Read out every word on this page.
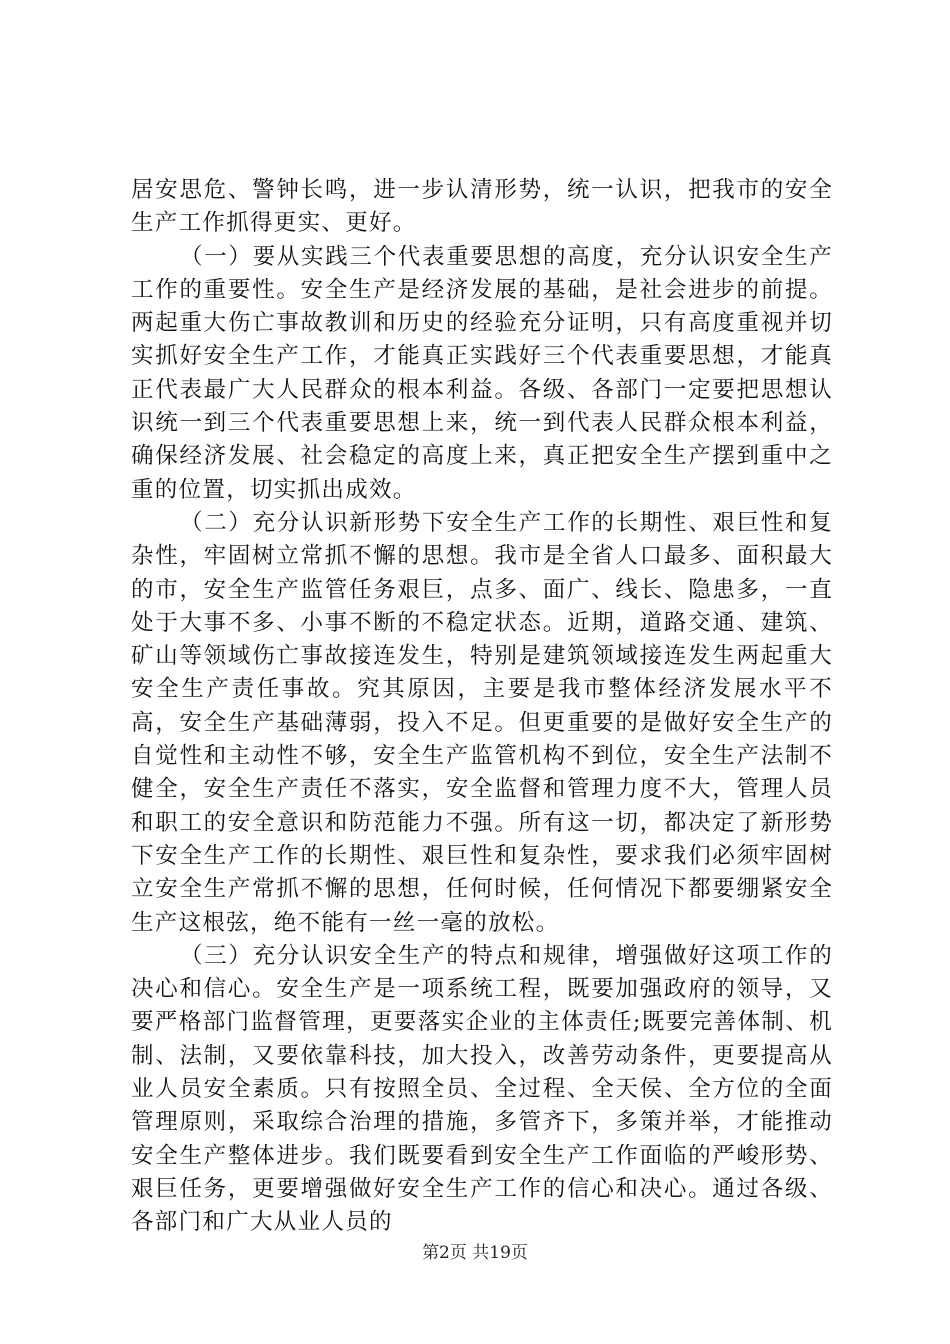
居安思危、警钟长鸣，进一步认清形势，统一认识，把我市的安全生产工作抓得更实、更好。

（一）要从实践三个代表重要思想的高度，充分认识安全生产工作的重要性。安全生产是经济发展的基础，是社会进步的前提。两起重大伤亡事故教训和历史的经验充分证明，只有高度重视并切实抓好安全生产工作，才能真正实践好三个代表重要思想，才能真正代表最广大人民群众的根本利益。各级、各部门一定要把思想认识统一到三个代表重要思想上来，统一到代表人民群众根本利益，确保经济发展、社会稳定的高度上来，真正把安全生产摆到重中之重的位置，切实抓出成效。

（二）充分认识新形势下安全生产工作的长期性、艰巨性和复杂性，牢固树立常抓不懈的思想。我市是全省人口最多、面积最大的市，安全生产监管任务艰巨，点多、面广、线长、隐患多，一直处于大事不多、小事不断的不稳定状态。近期，道路交通、建筑、矿山等领域伤亡事故接连发生，特别是建筑领域接连发生两起重大安全生产责任事故。究其原因，主要是我市整体经济发展水平不高，安全生产基础薄弱，投入不足。但更重要的是做好安全生产的自觉性和主动性不够，安全生产监管机构不到位，安全生产法制不健全，安全生产责任不落实，安全监督和管理力度不大，管理人员和职工的安全意识和防范能力不强。所有这一切，都决定了新形势下安全生产工作的长期性、艰巨性和复杂性，要求我们必须牢固树立安全生产常抓不懈的思想，任何时候，任何情况下都要绷紧安全生产这根弦，绝不能有一丝一毫的放松。

（三）充分认识安全生产的特点和规律，增强做好这项工作的决心和信心。安全生产是一项系统工程，既要加强政府的领导，又要严格部门监督管理，更要落实企业的主体责任;既要完善体制、机制、法制，又要依靠科技，加大投入，改善劳动条件，更要提高从业人员安全素质。只有按照全员、全过程、全天侯、全方位的全面管理原则，采取综合治理的措施，多管齐下，多策并举，才能推动安全生产整体进步。我们既要看到安全生产工作面临的严峻形势、艰巨任务，更要增强做好安全生产工作的信心和决心。通过各级、各部门和广大从业人员的

第2页 共19页
